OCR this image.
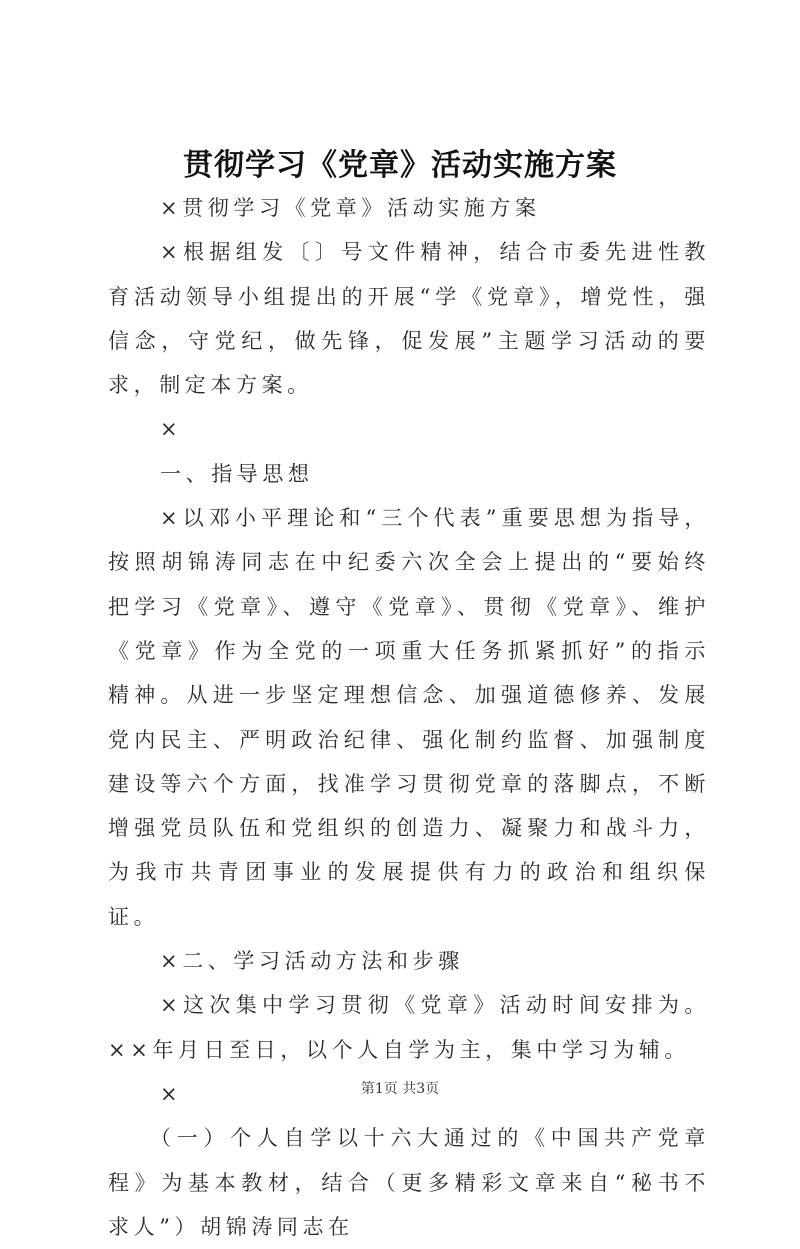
贯彻学习《党章》活动实施方案

×贯彻学习《党章》活动实施方案

×根据组发〔〕号文件精神，结合市委先进性教育活动领导小组提出的开展“学《党章》，增党性，强信念，守党纪，做先锋，促发展”主题学习活动的要求，制定本方案。

×

一、指导思想

×以邓小平理论和“三个代表”重要思想为指导，按照胡锦涛同志在中纪委六次全会上提出的“要始终把学习《党章》、遵守《党章》、贯彻《党章》、维护《党章》作为全党的一项重大任务抓紧抓好”的指示精神。从进一步坚定理想信念、加强道德修养、发展党内民主、严明政治纪律、强化制约监督、加强制度建设等六个方面，找准学习贯彻党章的落脚点，不断增强党员队伍和党组织的创造力、凝聚力和战斗力，为我市共青团事业的发展提供有力的政治和组织保证。

×二、学习活动方法和步骤

×这次集中学习贯彻《党章》活动时间安排为。××年月日至日，以个人自学为主，集中学习为辅。

×

（一）个人自学以十六大通过的《中国共产党章程》为基本教材，结合（更多精彩文章来自“秘书不求人”）胡锦涛同志在

第1页 共3页
